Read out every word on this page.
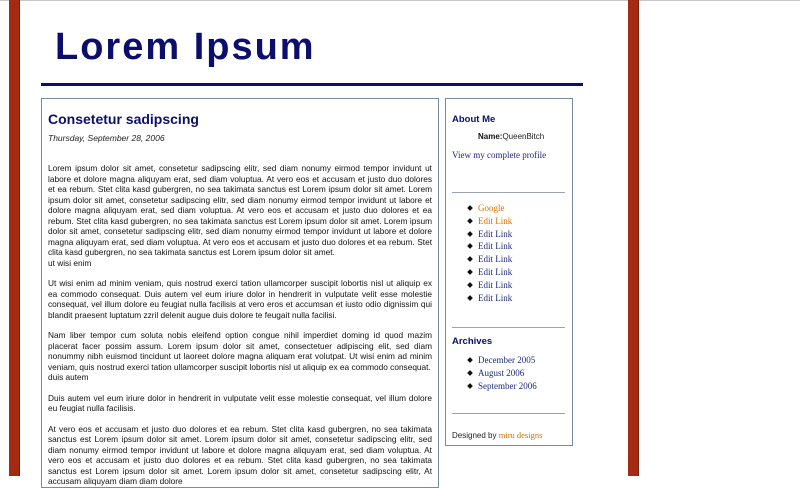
Lorem Ipsum
Consetetur sadipscing
Thursday, September 28, 2006

Lorem ipsum dolor sit amet, consetetur sadipscing elitr, sed diam nonumy eirmod tempor invidunt ut labore et dolore magna aliquyam erat, sed diam voluptua. At vero eos et accusam et justo duo dolores et ea rebum. Stet clita kasd gubergren, no sea takimata sanctus est Lorem ipsum dolor sit amet. Lorem ipsum dolor sit amet, consetetur sadipscing elitr, sed diam nonumy eirmod tempor invidunt ut labore et dolore magna aliquyam erat, sed diam voluptua. At vero eos et accusam et justo duo dolores et ea rebum. Stet clita kasd gubergren, no sea takimata sanctus est Lorem ipsum dolor sit amet. Lorem ipsum dolor sit amet, consetetur sadipscing elitr, sed diam nonumy eirmod tempor invidunt ut labore et dolore magna aliquyam erat, sed diam voluptua. At vero eos et accusam et justo duo dolores et ea rebum. Stet clita kasd gubergren, no sea takimata sanctus est Lorem ipsum dolor sit amet.
ut wisi enim

Ut wisi enim ad minim veniam, quis nostrud exerci tation ullamcorper suscipit lobortis nisl ut aliquip ex ea commodo consequat. Duis autem vel eum iriure dolor in hendrerit in vulputate velit esse molestie consequat, vel illum dolore eu feugiat nulla facilisis at vero eros et accumsan et iusto odio dignissim qui blandit praesent luptatum zzril delenit augue duis dolore te feugait nulla facilisi.

Nam liber tempor cum soluta nobis eleifend option congue nihil imperdiet doming id quod mazim placerat facer possim assum. Lorem ipsum dolor sit amet, consectetuer adipiscing elit, sed diam nonummy nibh euismod tincidunt ut laoreet dolore magna aliquam erat volutpat. Ut wisi enim ad minim veniam, quis nostrud exerci tation ullamcorper suscipit lobortis nisl ut aliquip ex ea commodo consequat.
duis autem

Duis autem vel eum iriure dolor in hendrerit in vulputate velit esse molestie consequat, vel illum dolore eu feugiat nulla facilisis.

At vero eos et accusam et justo duo dolores et ea rebum. Stet clita kasd gubergren, no sea takimata sanctus est Lorem ipsum dolor sit amet. Lorem ipsum dolor sit amet, consetetur sadipscing elitr, sed diam nonumy eirmod tempor invidunt ut labore et dolore magna aliquyam erat, sed diam voluptua. At vero eos et accusam et justo duo dolores et ea rebum. Stet clita kasd gubergren, no sea takimata sanctus est Lorem ipsum dolor sit amet. Lorem ipsum dolor sit amet, consetetur sadipscing elitr, At accusam aliquyam diam diam dolore

About Me
Name:QueenBitch
View my complete profile
Google
Edit Link
Edit Link
Edit Link
Edit Link
Edit Link
Edit Link
Edit Link
Archives
December 2005
August 2006
September 2006
Designed by miru designs
